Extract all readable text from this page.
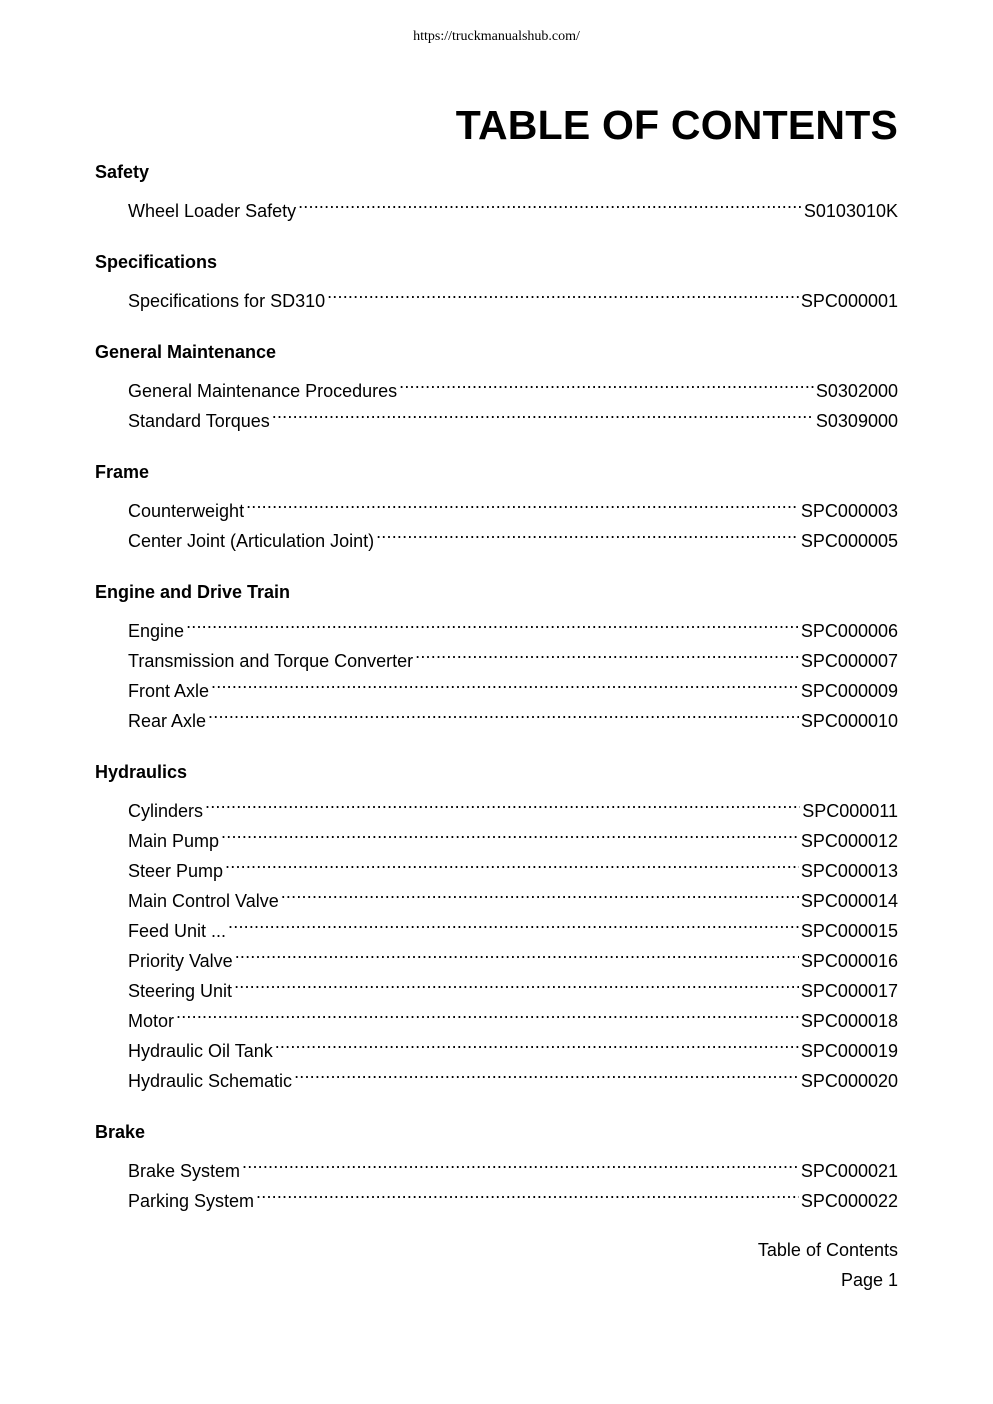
https://truckmanualshub.com/
TABLE OF CONTENTS
Safety
Wheel Loader Safety .....	S0103010K
Specifications
Specifications for SD310 .....	SPC000001
General Maintenance
General Maintenance Procedures .....	S0302000
Standard Torques .....	S0309000
Frame
Counterweight .....	SPC000003
Center Joint (Articulation Joint) .....	SPC000005
Engine and Drive Train
Engine .....	SPC000006
Transmission and Torque Converter .....	SPC000007
Front Axle .....	SPC000009
Rear Axle .....	SPC000010
Hydraulics
Cylinders .....	SPC000011
Main Pump .....	SPC000012
Steer Pump .....	SPC000013
Main Control Valve .....	SPC000014
Feed Unit ... .....	SPC000015
Priority Valve .....	SPC000016
Steering Unit .....	SPC000017
Motor .....	SPC000018
Hydraulic Oil Tank .....	SPC000019
Hydraulic Schematic .....	SPC000020
Brake
Brake System .....	SPC000021
Parking System .....	SPC000022
Table of Contents
Page 1
